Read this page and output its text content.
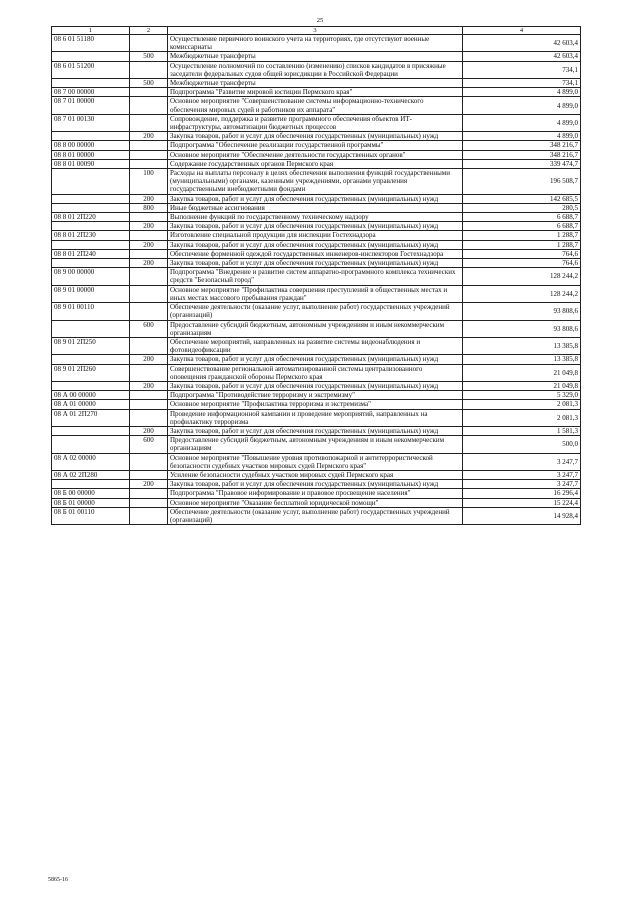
25
1	2	3	4
08 6 01 51180		Осуществление первичного воинского учета на территориях, где отсутствуют военные комиссариаты	42 603,4
	500	Межбюджетные трансферты	42 603,4
08 6 01 51200		Осуществление полномочий по составлению (изменению) списков кандидатов в присяжные заседатели федеральных судов общей юрисдикции в Российской Федерации	734,1
	500	Межбюджетные трансферты	734,1
08 7 00 00000		Подпрограмма "Развитие мировой юстиции Пермского края"	4 899,0
08 7 01 00000		Основное мероприятие "Совершенствование системы информационно-технического обеспечения мировых судей и работников их аппарата"	4 899,0
08 7 01 00130		Сопровождение, поддержка и развитие программного обеспечения объектов ИТ-инфраструктуры, автоматизации бюджетных процессов	4 899,0
	200	Закупка товаров, работ и услуг для обеспечения государственных (муниципальных) нужд	4 899,0
08 8 00 00000		Подпрограмма "Обеспечение реализации государственной программы"	348 216,7
08 8 01 00000		Основное мероприятие "Обеспечение деятельности государственных органов"	348 216,7
08 8 01 00090		Содержание государственных органов Пермского края	339 474,7
	100	Расходы на выплаты персоналу в целях обеспечения выполнения функций государственными (муниципальными) органами, казенными учреждениями, органами управления государственными внебюджетными фондами	196 508,7
	200	Закупка товаров, работ и услуг для обеспечения государственных (муниципальных) нужд	142 685,5
	800	Иные бюджетные ассигнования	280,5
08 8 01 2П220		Выполнение функций по государственному техническому надзору	6 688,7
	200	Закупка товаров, работ и услуг для обеспечения государственных (муниципальных) нужд	6 688,7
08 8 01 2П230		Изготовление специальной продукции для инспекции Гостехнадзора	1 288,7
	200	Закупка товаров, работ и услуг для обеспечения государственных (муниципальных) нужд	1 288,7
08 8 01 2П240		Обеспечение форменной одеждой государственных инженеров-инспекторов Гостехнадзора	764,6
	200	Закупка товаров, работ и услуг для обеспечения государственных (муниципальных) нужд	764,6
08 9 00 00000		Подпрограмма "Внедрение и развитие систем аппаратно-программного комплекса технических средств "Безопасный город"	128 244,2
08 9 01 00000		Основное мероприятие "Профилактика совершения преступлений в общественных местах и иных местах массового пребывания граждан"	128 244,2
08 9 01 00110		Обеспечение деятельности (оказание услуг, выполнение работ) государственных учреждений (организаций)	93 808,6
	600	Предоставление субсидий бюджетным, автономным учреждениям и иным некоммерческим организациям	93 808,6
08 9 01 2П250		Обеспечение мероприятий, направленных на развитие системы видеонаблюдения и фотовидеофиксации	13 385,8
	200	Закупка товаров, работ и услуг для обеспечения государственных (муниципальных) нужд	13 385,8
08 9 01 2П260		Совершенствование региональной автоматизированной системы централизованного оповещения гражданской обороны Пермского края	21 049,8
	200	Закупка товаров, работ и услуг для обеспечения государственных (муниципальных) нужд	21 049,8
08 А 00 00000		Подпрограмма "Противодействие терроризму и экстремизму"	5 329,0
08 А 01 00000		Основное мероприятие "Профилактика терроризма и экстремизма"	2 081,3
08 А 01 2П270		Проведение информационной кампании и проведение мероприятий, направленных на профилактику терроризма	2 081,3
	200	Закупка товаров, работ и услуг для обеспечения государственных (муниципальных) нужд	1 581,3
	600	Предоставление субсидий бюджетным, автономным учреждениям и иным некоммерческим организациям	500,0
08 А 02 00000		Основное мероприятие "Повышение уровня противопожарной и антитеррористической безопасности судебных участков мировых судей Пермского края"	3 247,7
08 А 02 2П280		Усиление безопасности судебных участков мировых судей Пермского края	3 247,7
	200	Закупка товаров, работ и услуг для обеспечения государственных (муниципальных) нужд	3 247,7
08 Б 00 00000		Подпрограмма "Правовое информирование и правовое просвещение населения"	16 296,4
08 Б 01 00000		Основное мероприятие "Оказание бесплатной юридической помощи"	15 224,4
08 Б 01 00110		Обеспечение деятельности (оказание услуг, выполнение работ) государственных учреждений (организаций)	14 928,4
5865-16
